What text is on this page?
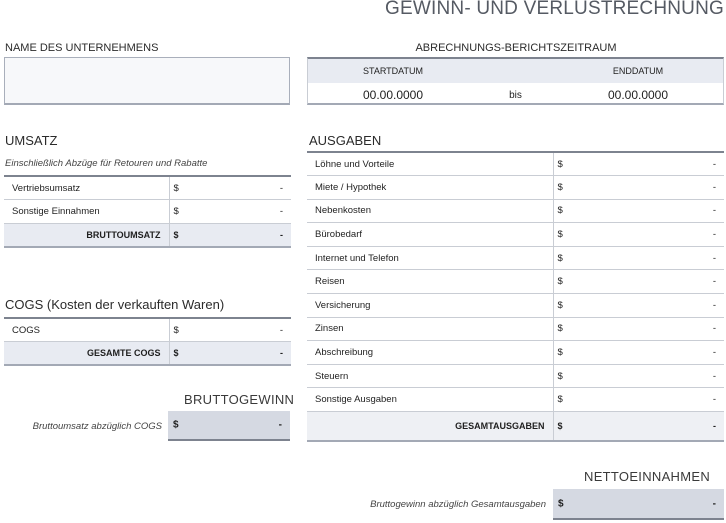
GEWINN- UND VERLUSTRECHNUNG
NAME DES UNTERNEHMENS	ABRECHNUNGS-BERICHTSZEITRAUM
STARTDATUM	ENDDATUM
00.00.0000	bis	00.00.0000
UMSATZ
Einschließlich Abzüge für Retouren und Rabatte
Vertriebsumsatz	$ -

Sonstige Einnahmen	$ -

BRUTTOUMSATZ	$ -
COGS (Kosten der verkauften Waren)
COGS	$ -

GESAMTE COGS	$ -
BRUTTOGEWINN
Bruttoumsatz abzüglich COGS $	-
AUSGABEN
Löhne und Vorteile	$ -

Miete / Hypothek	$ -

Nebenkosten	$ -

Bürobedarf	$ -

Internet und Telefon	$ -

Reisen	$ -

Versicherung	$ -

Zinsen	$ -

Abschreibung	$ -

Steuern	$ -

Sonstige Ausgaben	$ -

GESAMTAUSGABEN	$ -
NETTOEINNAHMEN
Bruttogewinn abzüglich Gesamtausgaben $	-
